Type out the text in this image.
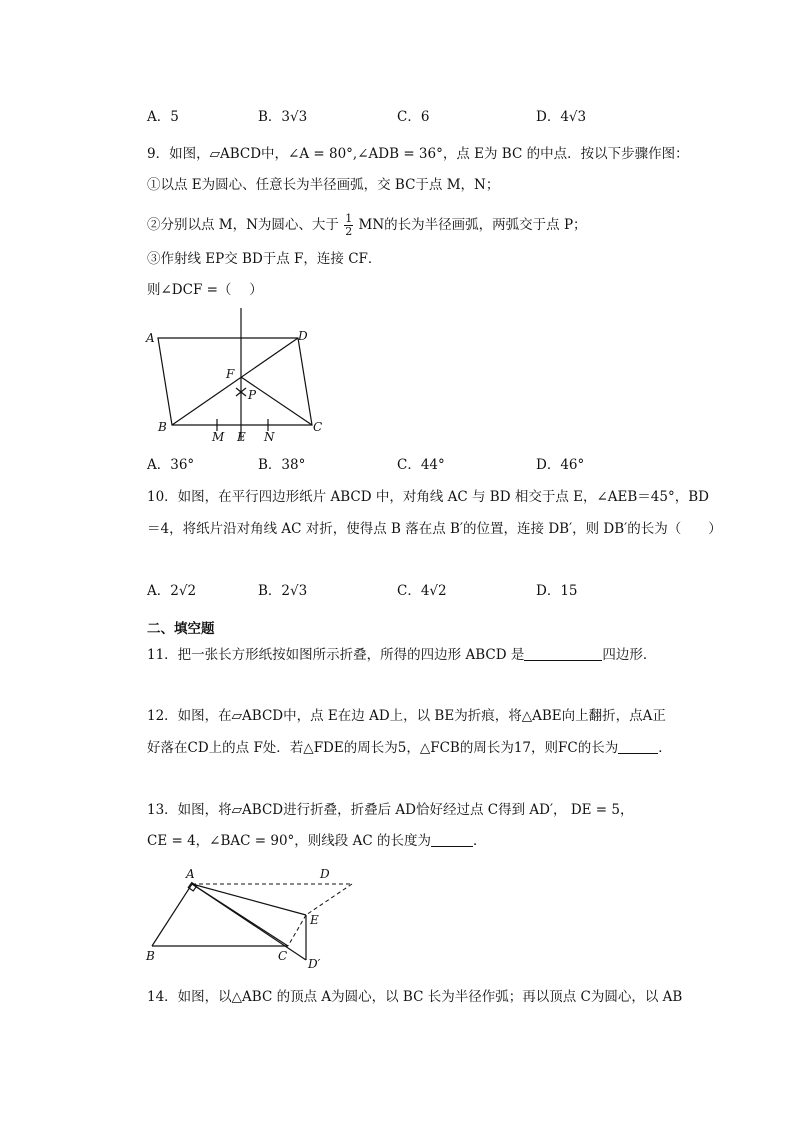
A．5	B．3√3	C．6	D．4√3
9．如图，▱ABCD中，∠A = 80°,∠ADB = 36°，点 E为 BC 的中点．按以下步骤作图：
①以点 E为圆心、任意长为半径画弧，交 BC于点 M，N；
②分别以点 M，N为圆心、大于 $\frac{1}{2}$ MN的长为半径画弧，两弧交于点 P；
③作射线 EP交 BD于点 F，连接 CF．
则∠DCF =（　 ）
A	D
F
P
B
M E N
C
A．36°	B．38°	C．44°	D．46°
10．如图，在平行四边形纸片 ABCD 中，对角线 AC 与 BD 相交于点 E，∠AEB＝45°，BD
＝4，将纸片沿对角线 AC 对折，使得点 B 落在点 B′的位置，连接 DB′，则 DB′的长为（　　）
A．2√2	B．2√3	C．4√2	D．15
二、填空题
11．把一张长方形纸按如图所示折叠，所得的四边形 ABCD 是	四边形．
12．如图，在▱ABCD中，点 E在边 AD上，以 BE为折痕，将△ABE向上翻折，点A正
好落在CD上的点 F处．若△FDE的周长为5，△FCB的周长为17，则FC的长为	．
13．如图，将▱ABCD进行折叠，折叠后 AD恰好经过点 C得到 AD′， DE = 5，
CE = 4，∠BAC = 90°，则线段 AC 的长度为	．
A	D
E
B	C
D′
14．如图，以△ABC 的顶点 A为圆心，以 BC 长为半径作弧；再以顶点 C为圆心，以 AB
